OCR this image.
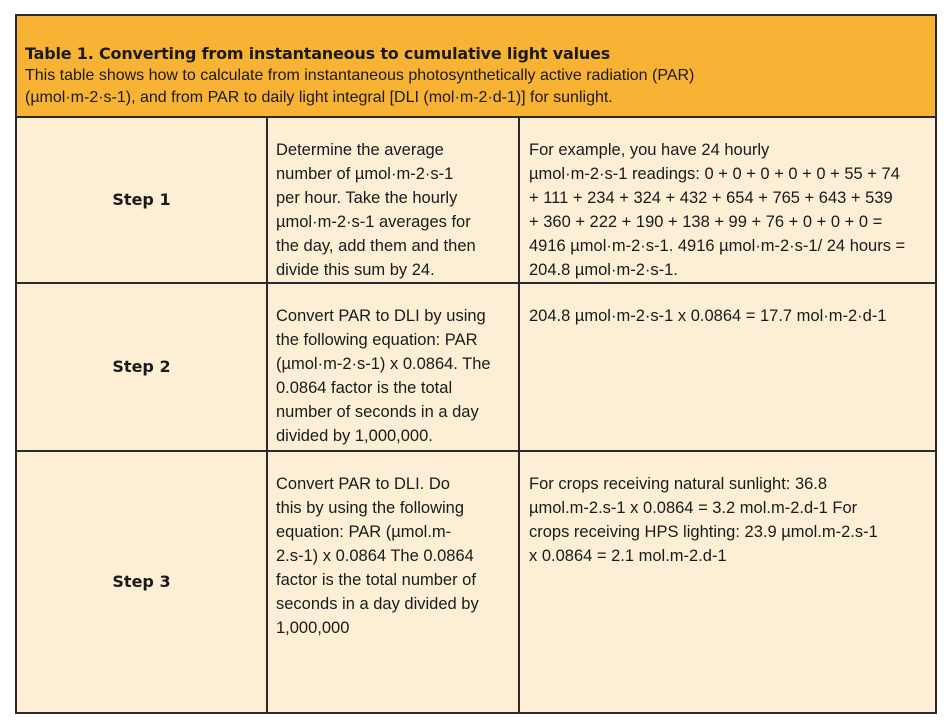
Table 1. Converting from instantaneous to cumulative light values
This table shows how to calculate from instantaneous photosynthetically active radiation (PAR)
(µmol·m-2·s-1), and from PAR to daily light integral [DLI (mol·m-2·d-1)] for sunlight.
Step 1
Determine the average
number of µmol·m-2·s-1
per hour. Take the hourly
µmol·m-2·s-1 averages for
the day, add them and then
divide this sum by 24.
For example, you have 24 hourly
µmol·m-2·s-1 readings: 0 + 0 + 0 + 0 + 0 + 55 + 74
+ 111 + 234 + 324 + 432 + 654 + 765 + 643 + 539
+ 360 + 222 + 190 + 138 + 99 + 76 + 0 + 0 + 0 =
4916 µmol·m-2·s-1. 4916 µmol·m-2·s-1/ 24 hours =
204.8 µmol·m-2·s-1.
Step 2
Convert PAR to DLI by using
the following equation: PAR
(µmol·m-2·s-1) x 0.0864. The
0.0864 factor is the total
number of seconds in a day
divided by 1,000,000.
204.8 µmol·m-2·s-1 x 0.0864 = 17.7 mol·m-2·d-1
Step 3
Convert PAR to DLI. Do
this by using the following
equation: PAR (µmol.m-
2.s-1) x 0.0864 The 0.0864
factor is the total number of
seconds in a day divided by
1,000,000
For crops receiving natural sunlight: 36.8
µmol.m-2.s-1 x 0.0864 = 3.2 mol.m-2.d-1 For
crops receiving HPS lighting: 23.9 µmol.m-2.s-1
x 0.0864 = 2.1 mol.m-2.d-1
